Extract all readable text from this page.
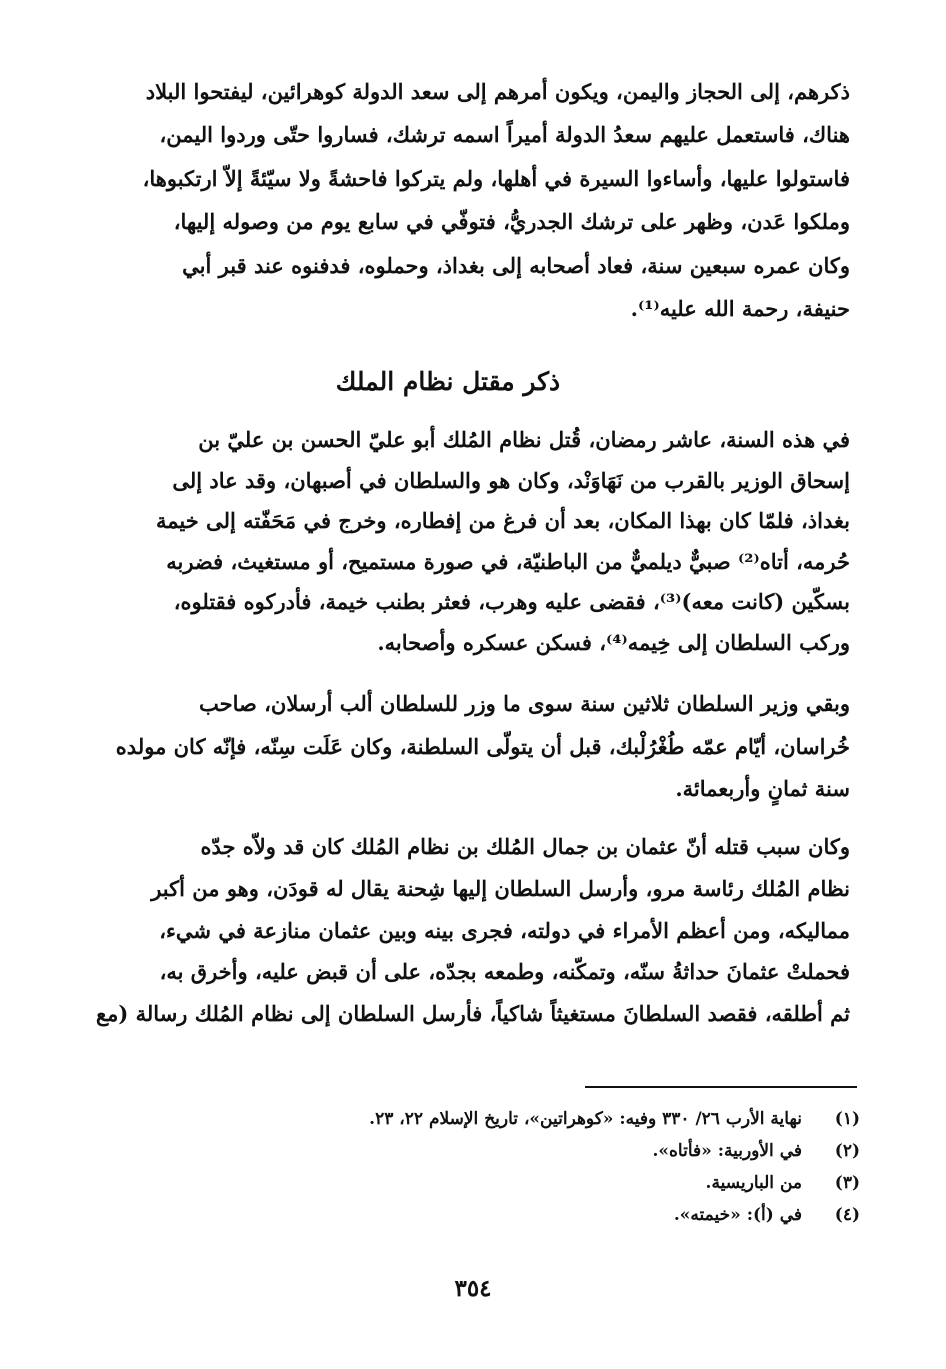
ذكرهم، إلى الحجاز واليمن، ويكون أمرهم إلى سعد الدولة كوهرائين، ليفتحوا البلاد
هناك، فاستعمل عليهم سعدُ الدولة أميراً اسمه ترشك، فساروا حتّى وردوا اليمن،
فاستولوا عليها، وأساءوا السيرة في أهلها، ولم يتركوا فاحشةً ولا سيّئةً إلاّ ارتكبوها،
وملكوا عَدن، وظهر على ترشك الجدريُّ، فتوفّي في سابع يوم من وصوله إليها،
وكان عمره سبعين سنة، فعاد أصحابه إلى بغداذ، وحملوه، فدفنوه عند قبر أبي
حنيفة، رحمة الله عليه⁽¹⁾.
ذكر مقتل نظام الملك
في هذه السنة، عاشر رمضان، قُتل نظام المُلك أبو عليّ الحسن بن عليّ بن
إسحاق الوزير بالقرب من نَهَاوَنْد، وكان هو والسلطان في أصبهان، وقد عاد إلى
بغداذ، فلمّا كان بهذا المكان، بعد أن فرغ من إفطاره، وخرج في مَحَفّته إلى خيمة
حُرمه، أتاه⁽²⁾ صبيٌّ ديلميٌّ من الباطنيّة، في صورة مستميح، أو مستغيث، فضربه
بسكّين (كانت معه)⁽³⁾، فقضى عليه وهرب، فعثر بطنب خيمة، فأدركوه فقتلوه،
وركب السلطان إلى خِيمه⁽⁴⁾، فسكن عسكره وأصحابه.
وبقي وزير السلطان ثلاثين سنة سوى ما وزر للسلطان ألب أرسلان، صاحب
خُراسان، أيّام عمّه طُغْرُلْبك، قبل أن يتولّى السلطنة، وكان عَلَت سِنّه، فإنّه كان مولده
سنة ثمانٍ وأربعمائة.
وكان سبب قتله أنّ عثمان بن جمال المُلك بن نظام المُلك كان قد ولاّه جدّه
نظام المُلك رئاسة مرو، وأرسل السلطان إليها شِحنة يقال له قودَن، وهو من أكبر
مماليكه، ومن أعظم الأمراء في دولته، فجرى بينه وبين عثمان منازعة في شيء،
فحملتْ عثمانَ حداثةُ سنّه، وتمكّنه، وطمعه بجدّه، على أن قبض عليه، وأخرق به،
ثم أطلقه، فقصد السلطانَ مستغيثاً شاكياً، فأرسل السلطان إلى نظام المُلك رسالة (مع
(١)
نهاية الأرب ٢٦/ ٣٣٠ وفيه: «كوهراتين»، تاريخ الإسلام ٢٢، ٢٣.
(٢)
في الأوربية: «فأتاه».
(٣)
من الباريسية.
(٤)
في (أ): «خيمته».
٣٥٤
